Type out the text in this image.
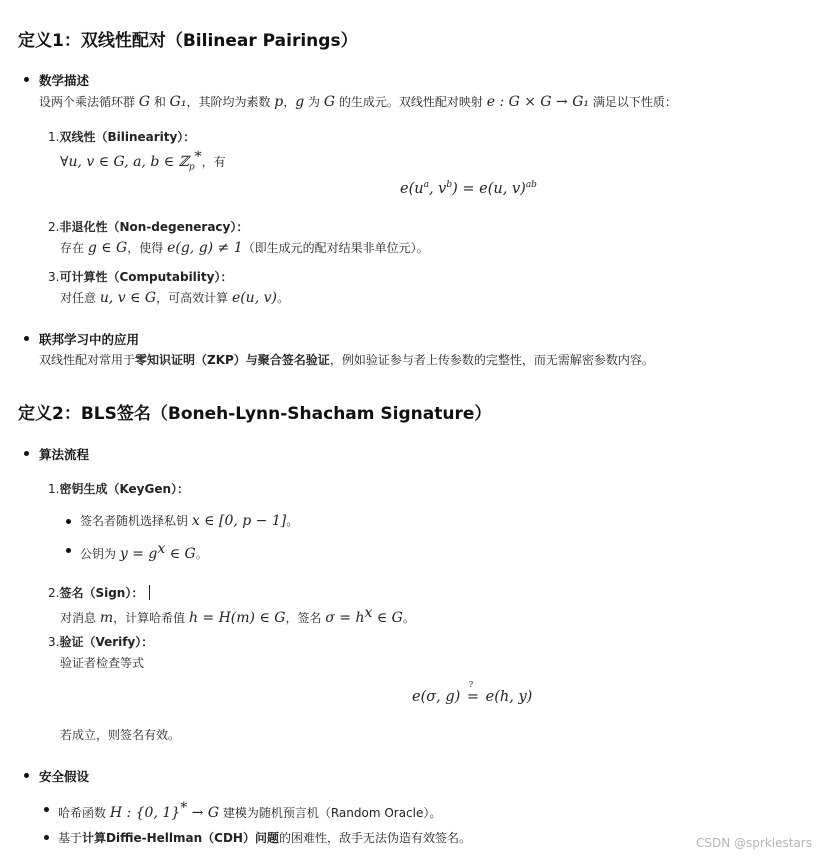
定义1：双线性配对（Bilinear Pairings）
数学描述
设两个乘法循环群 G 和 G₁，其阶均为素数 p，g 为 G 的生成元。双线性配对映射 e : G × G → G₁ 满足以下性质：
1.双线性（Bilinearity）：
∀u, v ∈ G, a, b ∈ ℤ$_p$*，有
$e(u^a$, $v^b) = e(u$, v)$^{ab}$
2.非退化性（Non-degeneracy）：
存在 g ∈ G，使得 e(g, g) ≠ 1（即生成元的配对结果非单位元）。
3.可计算性（Computability）：
对任意 u, v ∈ G，可高效计算 e(u, v)。
联邦学习中的应用
双线性配对常用于零知识证明（ZKP）与聚合签名验证，例如验证参与者上传参数的完整性，而无需解密参数内容。
定义2：BLS签名（Boneh-Lynn-Shacham Signature）
算法流程
1.密钥生成（KeyGen）：
签名者随机选择私钥 x ∈ [0, p − 1]。
公钥为 $y = g^x$ ∈ G。
2.签名（Sign）：
对消息 m，计算哈希值 h = H(m) ∈ G，签名 $\sigma = h^x$ ∈ G。
3.验证（Verify）：
验证者检查等式
e(σ, g)
?
= e(h, y)
若成立，则签名有效。
安全假设
哈希函数 H : {0, 1}* → G 建模为随机预言机（Random Oracle）。
基于计算Diffie-Hellman（CDH）问题的困难性，敌手无法伪造有效签名。	CSDN @sprklestars
